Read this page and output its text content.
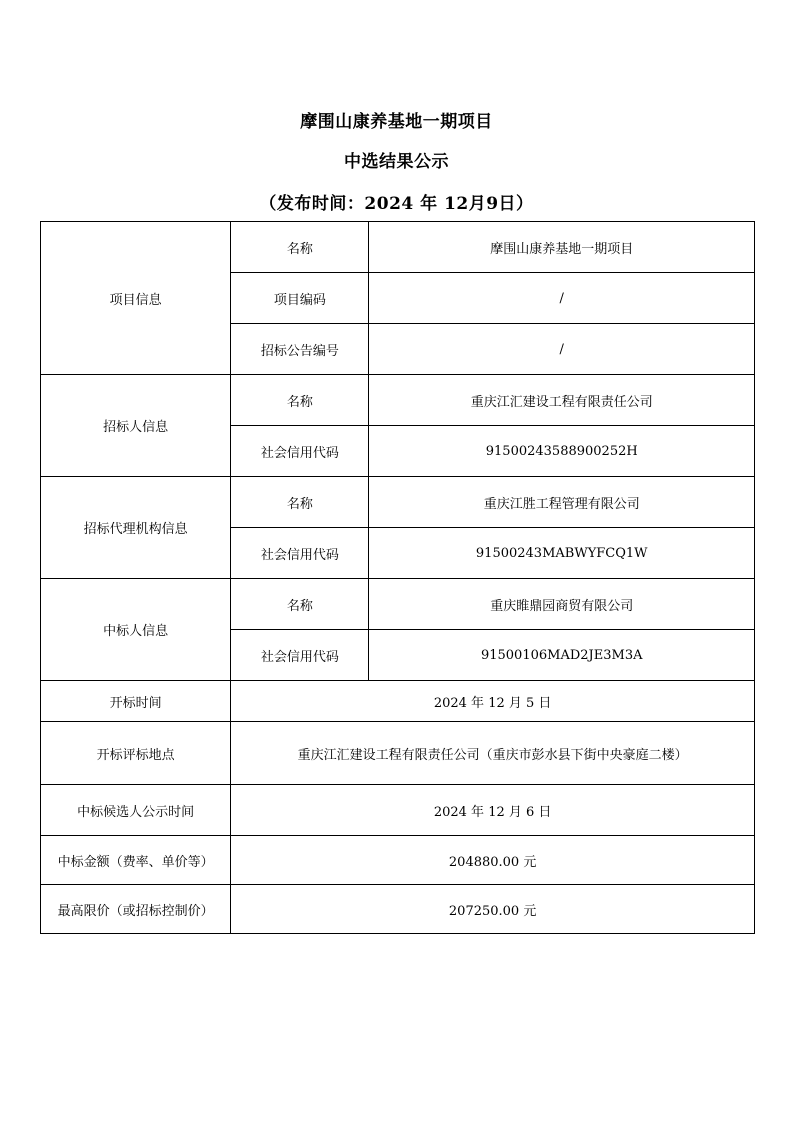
摩围山康养基地一期项目
中选结果公示
（发布时间：2024 年 12月9日）
项目信息	名称	摩围山康养基地一期项目
	项目编码	/
	招标公告编号	/
招标人信息	名称	重庆江汇建设工程有限责任公司
	社会信用代码	91500243588900252H
招标代理机构信息	名称	重庆江胜工程管理有限公司
	社会信用代码	91500243MABWYFCQ1W
中标人信息	名称	重庆睢鼎园商贸有限公司
	社会信用代码	91500106MAD2JE3M3A
开标时间	2024 年 12 月 5 日	
开标评标地点	重庆江汇建设工程有限责任公司（重庆市彭水县下街中央豪庭二楼）	
中标候选人公示时间	2024 年 12 月 6 日	
中标金额（费率、单价等）	204880.00 元	
最高限价（或招标控制价）	207250.00 元	
